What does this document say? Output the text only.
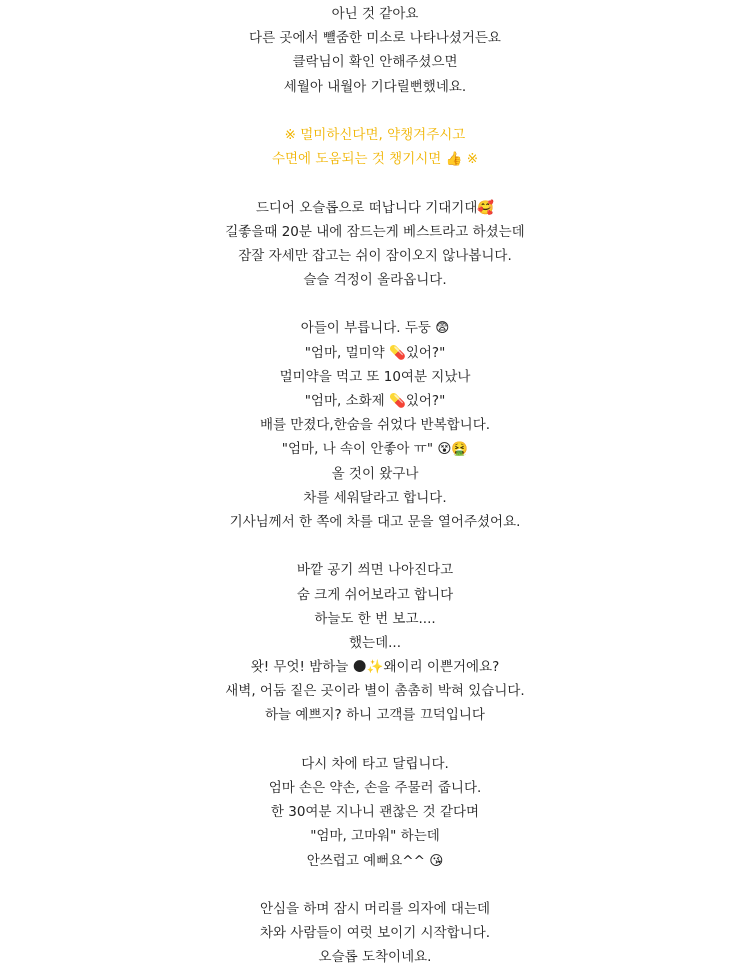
아닌 것 같아요
다른 곳에서 뺼줌한 미소로 나타나셨거든요
클락님이 확인 안해주셨으면
세월아 내월아 기다릴뻔했네요.
※ 멀미하신다면, 약챙겨주시고
수면에 도움되는 것 챙기시면 👍 ※
드디어 오슬롭으로 떠납니다 기대기대🥰
길좋을때 20분 내에 잠드는게 베스트라고 하셨는데
잠잘 자세만 잡고는 쉬이 잠이오지 않나봅니다.
슬슬 걱정이 올라옵니다.
아들이 부릅니다. 두둥 😨
"엄마, 멀미약 💊있어?"
멀미약을 먹고 또 10여분 지났나
"엄마, 소화제 💊있어?"
배를 만졌다,한숨을 쉬었다 반복합니다.
"엄마, 나 속이 안좋아 ㅠ" 😵🤮
올 것이 왔구나
차를 세워달라고 합니다.
기사님께서 한 쪽에 차를 대고 문을 열어주셨어요.
바깥 공기 씌면 나아진다고
숨 크게 쉬어보라고 합니다
하늘도 한 번 보고....
했는데...
왓! 무엇! 밤하늘 🌑✨왜이리 이쁜거에요?
새벽, 어둠 짙은 곳이라 별이 촘촘히 박혀 있습니다.
하늘 예쁘지? 하니 고객를 끄덕입니다
다시 차에 타고 달립니다.
엄마 손은 약손, 손을 주물러 줍니다.
한 30여분 지나니 괜찮은 것 같다며
"엄마, 고마워" 하는데
안쓰럽고 예뻐요^^ 😘
안심을 하며 잠시 머리를 의자에 대는데
차와 사람들이 여럿 보이기 시작합니다.
오슬롭 도착이네요.
